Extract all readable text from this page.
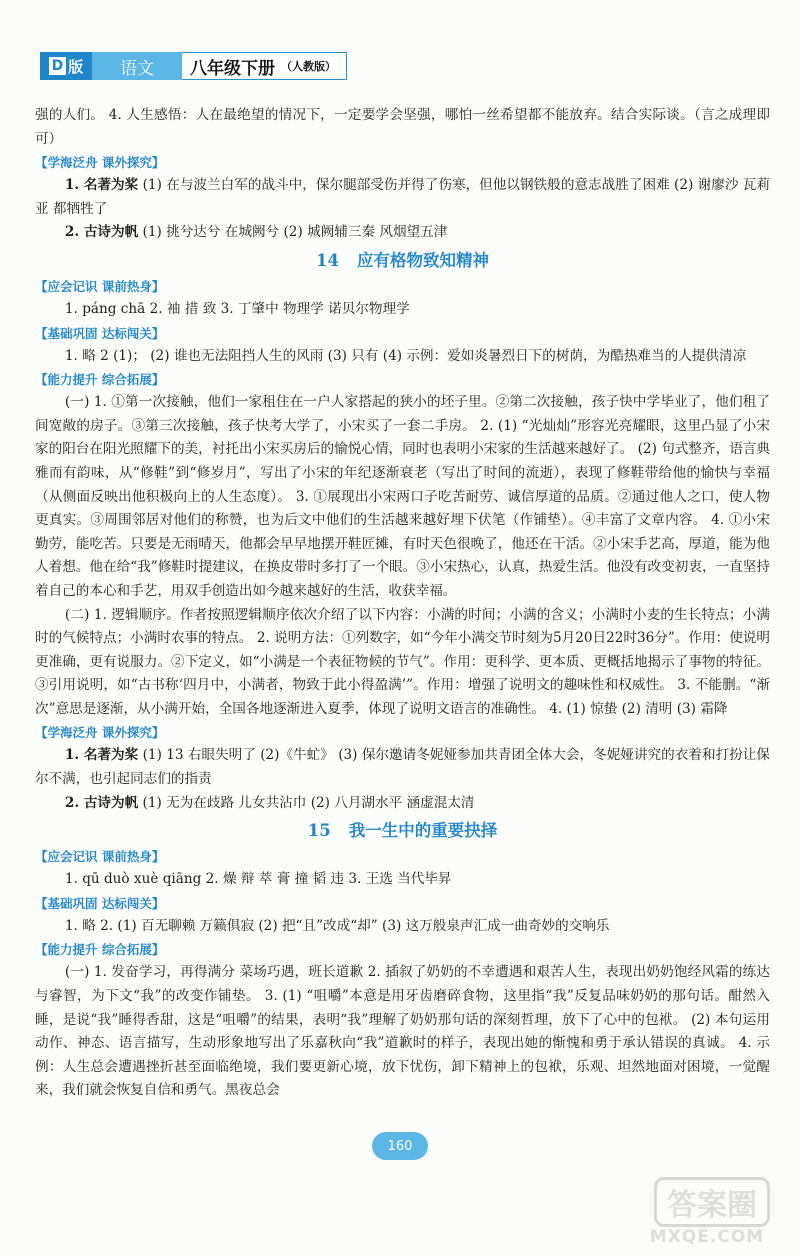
D 版	语文	八年级下册 （人教版）

强的人们。 4. 人生感悟：人在最绝望的情况下，一定要学会坚强，哪怕一丝希望都不能放弃。结合实际谈。（言之成理即可）

【学海泛舟 课外探究】

1. 名著为桨 (1) 在与波兰白军的战斗中，保尔腿部受伤并得了伤寒，但他以钢铁般的意志战胜了困难 (2) 谢廖沙 瓦莉亚 都牺牲了

2. 古诗为帆 (1) 挑兮达兮 在城阙兮 (2) 城阙辅三秦 风烟望五津

14 应有格物致知精神
【应会记识 课前热身】

1. páng chā 2. 袖 措 致 3. 丁肇中 物理学 诺贝尔物理学

【基础巩固 达标闯关】

1. 略 2 (1)； (2) 谁也无法阻挡人生的风雨 (3) 只有 (4) 示例：爱如炎暑烈日下的树荫，为酷热难当的人提供清凉

【能力提升 综合拓展】

(一) 1. ①第一次接触，他们一家租住在一户人家搭起的狭小的坯子里。②第二次接触，孩子快中学毕业了，他们租了间宽敞的房子。③第三次接触，孩子快考大学了，小宋买了一套二手房。 2. (1) “光灿灿”形容光亮耀眼，这里凸显了小宋家的阳台在阳光照耀下的美，衬托出小宋买房后的愉悦心情，同时也表明小宋家的生活越来越好了。 (2) 句式整齐，语言典雅而有韵味，从“修鞋”到“修岁月”，写出了小宋的年纪逐渐衰老（写出了时间的流逝），表现了修鞋带给他的愉快与幸福（从侧面反映出他积极向上的人生态度）。 3. ①展现出小宋两口子吃苦耐劳、诚信厚道的品质。②通过他人之口，使人物更真实。③周围邻居对他们的称赞，也为后文中他们的生活越来越好埋下伏笔（作铺垫）。④丰富了文章内容。 4. ①小宋勤劳，能吃苦。只要是无雨晴天，他都会早早地摆开鞋匠摊，有时天色很晚了，他还在干活。②小宋手艺高，厚道，能为他人着想。他在给“我”修鞋时提建议，在换皮带时多打了一个眼。③小宋热心，认真，热爱生活。他没有改变初衷，一直坚持着自己的本心和手艺，用双手创造出如今越来越好的生活，收获幸福。

(二) 1. 逻辑顺序。作者按照逻辑顺序依次介绍了以下内容：小满的时间；小满的含义；小满时小麦的生长特点；小满时的气候特点；小满时农事的特点。 2. 说明方法：①列数字，如“今年小满交节时刻为5月20日22时36分”。作用：使说明更准确，更有说服力。②下定义，如“小满是一个表征物候的节气”。作用：更科学、更本质、更概括地揭示了事物的特征。③引用说明，如“古书称‘四月中，小满者，物致于此小得盈满’”。作用：增强了说明文的趣味性和权威性。 3. 不能删。“渐次”意思是逐渐，从小满开始，全国各地逐渐进入夏季，体现了说明文语言的准确性。 4. (1) 惊蛰 (2) 清明 (3) 霜降

【学海泛舟 课外探究】

1. 名著为桨 (1) 13 右眼失明了 (2)《牛虻》 (3) 保尔邀请冬妮娅参加共青团全体大会，冬妮娅讲究的衣着和打扮让保尔不满，也引起同志们的指责

2. 古诗为帆 (1) 无为在歧路 儿女共沾巾 (2) 八月湖水平 涵虚混太清

15 我一生中的重要抉择
【应会记识 课前热身】

1. qū duò xuè qiāng 2. 燥 辩 萃 膏 撞 韬 违 3. 王选 当代毕昇

【基础巩固 达标闯关】

1. 略 2. (1) 百无聊赖 万籁俱寂 (2) 把“且”改成“却” (3) 这万般泉声汇成一曲奇妙的交响乐

【能力提升 综合拓展】

(一) 1. 发奋学习，再得满分 菜场巧遇，班长道歉 2. 插叙了奶奶的不幸遭遇和艰苦人生，表现出奶奶饱经风霜的练达与睿智，为下文“我”的改变作铺垫。 3. (1) “咀嚼”本意是用牙齿磨碎食物，这里指“我”反复品味奶奶的那句话。酣然入睡，是说“我”睡得香甜，这是“咀嚼”的结果，表明“我”理解了奶奶那句话的深刻哲理，放下了心中的包袱。 (2) 本句运用动作、神态、语言描写，生动形象地写出了乐嘉秋向“我”道歉时的样子，表现出她的惭愧和勇于承认错误的真诚。 4. 示例：人生总会遭遇挫折甚至面临绝境，我们要更新心境，放下忧伤，卸下精神上的包袱，乐观、坦然地面对困境，一觉醒来，我们就会恢复自信和勇气。黑夜总会

160
答案圈
MXQE.COM
